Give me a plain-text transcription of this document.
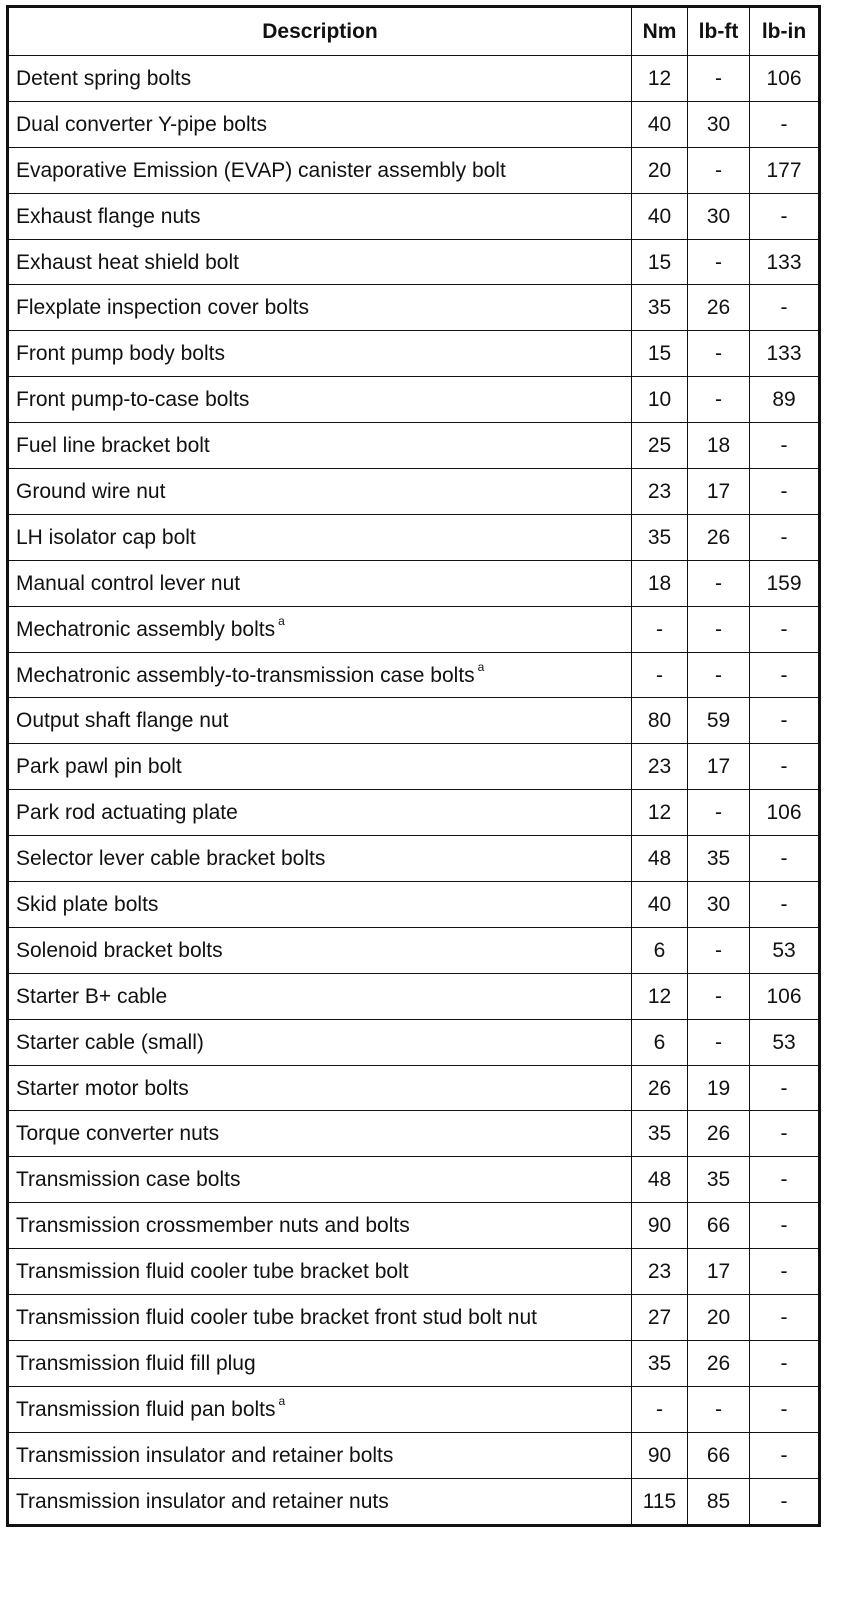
Description	Nm	lb-ft	lb-in
Detent spring bolts	12	-	106
Dual converter Y-pipe bolts	40	30	-
Evaporative Emission (EVAP) canister assembly bolt	20	-	177
Exhaust flange nuts	40	30	-
Exhaust heat shield bolt	15	-	133
Flexplate inspection cover bolts	35	26	-
Front pump body bolts	15	-	133
Front pump-to-case bolts	10	-	89
Fuel line bracket bolt	25	18	-
Ground wire nut	23	17	-
LH isolator cap bolt	35	26	-
Manual control lever nut	18	-	159
Mechatronic assembly bolts $^a$	-	-	-
Mechatronic assembly-to-transmission case bolts $^a$	-	-	-
Output shaft flange nut	80	59	-
Park pawl pin bolt	23	17	-
Park rod actuating plate	12	-	106
Selector lever cable bracket bolts	48	35	-
Skid plate bolts	40	30	-
Solenoid bracket bolts	6	-	53
Starter B+ cable	12	-	106
Starter cable (small)	6	-	53
Starter motor bolts	26	19	-
Torque converter nuts	35	26	-
Transmission case bolts	48	35	-
Transmission crossmember nuts and bolts	90	66	-
Transmission fluid cooler tube bracket bolt	23	17	-
Transmission fluid cooler tube bracket front stud bolt nut	27	20	-
Transmission fluid fill plug	35	26	-
Transmission fluid pan bolts $^a$	-	-	-
Transmission insulator and retainer bolts	90	66	-
Transmission insulator and retainer nuts	115	85	-
